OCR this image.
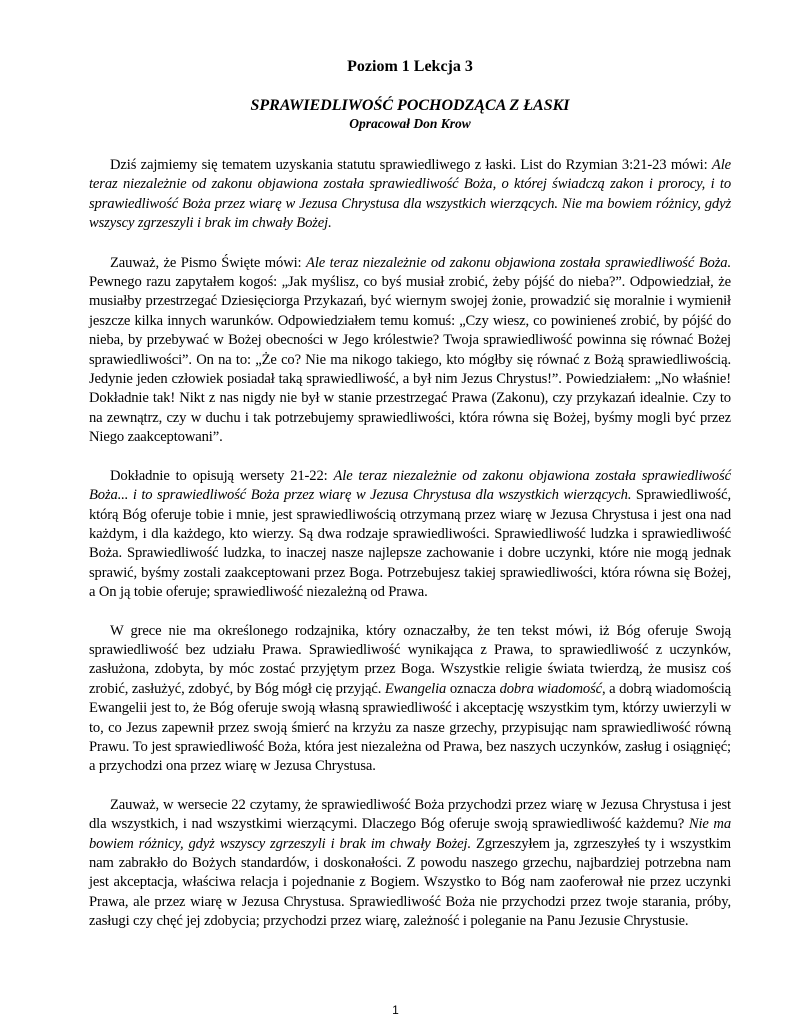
Poziom 1 Lekcja 3
SPRAWIEDLIWOŚĆ POCHODZĄCA Z ŁASKI

Opracował Don Krow

Dziś zajmiemy się tematem uzyskania statutu sprawiedliwego z łaski. List do Rzymian 3:21-23 mówi: Ale teraz niezależnie od zakonu objawiona została sprawiedliwość Boża, o której świadczą zakon i prorocy, i to sprawiedliwość Boża przez wiarę w Jezusa Chrystusa dla wszystkich wierzących. Nie ma bowiem różnicy, gdyż wszyscy zgrzeszyli i brak im chwały Bożej.

Zauważ, że Pismo Święte mówi: Ale teraz niezależnie od zakonu objawiona została sprawiedliwość Boża. Pewnego razu zapytałem kogoś: „Jak myślisz, co byś musiał zrobić, żeby pójść do nieba?”. Odpowiedział, że musiałby przestrzegać Dziesięciorga Przykazań, być wiernym swojej żonie, prowadzić się moralnie i wymienił jeszcze kilka innych warunków. Odpowiedziałem temu komuś: „Czy wiesz, co powinieneś zrobić, by pójść do nieba, by przebywać w Bożej obecności w Jego królestwie? Twoja sprawiedliwość powinna się równać Bożej sprawiedliwości”. On na to: „Że co? Nie ma nikogo takiego, kto mógłby się równać z Bożą sprawiedliwością. Jedynie jeden człowiek posiadał taką sprawiedliwość, a był nim Jezus Chrystus!”. Powiedziałem: „No właśnie! Dokładnie tak! Nikt z nas nigdy nie był w stanie przestrzegać Prawa (Zakonu), czy przykazań idealnie. Czy to na zewnątrz, czy w duchu i tak potrzebujemy sprawiedliwości, która równa się Bożej, byśmy mogli być przez Niego zaakceptowani”.

Dokładnie to opisują wersety 21-22: Ale teraz niezależnie od zakonu objawiona została sprawiedliwość Boża... i to sprawiedliwość Boża przez wiarę w Jezusa Chrystusa dla wszystkich wierzących. Sprawiedliwość, którą Bóg oferuje tobie i mnie, jest sprawiedliwością otrzymaną przez wiarę w Jezusa Chrystusa i jest ona nad każdym, i dla każdego, kto wierzy. Są dwa rodzaje sprawiedliwości. Sprawiedliwość ludzka i sprawiedliwość Boża. Sprawiedliwość ludzka, to inaczej nasze najlepsze zachowanie i dobre uczynki, które nie mogą jednak sprawić, byśmy zostali zaakceptowani przez Boga. Potrzebujesz takiej sprawiedliwości, która równa się Bożej, a On ją tobie oferuje; sprawiedliwość niezależną od Prawa.

W grece nie ma określonego rodzajnika, który oznaczałby, że ten tekst mówi, iż Bóg oferuje Swoją sprawiedliwość bez udziału Prawa. Sprawiedliwość wynikająca z Prawa, to sprawiedliwość z uczynków, zasłużona, zdobyta, by móc zostać przyjętym przez Boga. Wszystkie religie świata twierdzą, że musisz coś zrobić, zasłużyć, zdobyć, by Bóg mógł cię przyjąć. Ewangelia oznacza dobra wiadomość, a dobrą wiadomością Ewangelii jest to, że Bóg oferuje swoją własną sprawiedliwość i akceptację wszystkim tym, którzy uwierzyli w to, co Jezus zapewnił przez swoją śmierć na krzyżu za nasze grzechy, przypisując nam sprawiedliwość równą Prawu. To jest sprawiedliwość Boża, która jest niezależna od Prawa, bez naszych uczynków, zasług i osiągnięć; a przychodzi ona przez wiarę w Jezusa Chrystusa.

Zauważ, w wersecie 22 czytamy, że sprawiedliwość Boża przychodzi przez wiarę w Jezusa Chrystusa i jest dla wszystkich, i nad wszystkimi wierzącymi. Dlaczego Bóg oferuje swoją sprawiedliwość każdemu? Nie ma bowiem różnicy, gdyż wszyscy zgrzeszyli i brak im chwały Bożej. Zgrzeszyłem ja, zgrzeszyłeś ty i wszystkim nam zabrakło do Bożych standardów, i doskonałości. Z powodu naszego grzechu, najbardziej potrzebna nam jest akceptacja, właściwa relacja i pojednanie z Bogiem. Wszystko to Bóg nam zaoferował nie przez uczynki Prawa, ale przez wiarę w Jezusa Chrystusa. Sprawiedliwość Boża nie przychodzi przez twoje starania, próby, zasługi czy chęć jej zdobycia; przychodzi przez wiarę, zależność i poleganie na Panu Jezusie Chrystusie.

1
